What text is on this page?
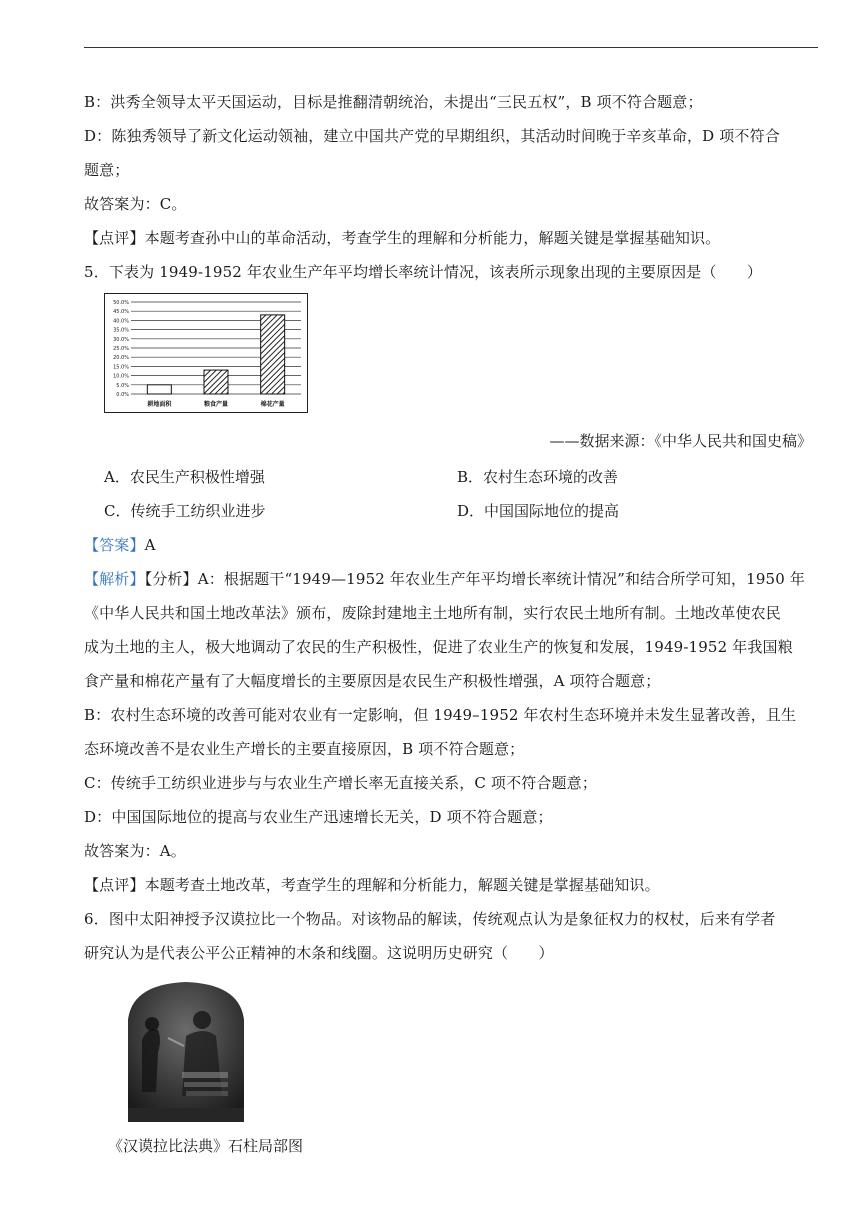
B：洪秀全领导太平天国运动，目标是推翻清朝统治，未提出“三民五权”，B 项不符合题意；
D：陈独秀领导了新文化运动领袖，建立中国共产党的早期组织，其活动时间晚于辛亥革命，D 项不符合
题意；
故答案为：C。
【点评】本题考查孙中山的革命活动，考查学生的理解和分析能力，解题关键是掌握基础知识。
5．下表为 1949-1952 年农业生产年平均增长率统计情况，该表所示现象出现的主要原因是（　　）
0.0%
5.0%
10.0%
15.0%
20.0%
25.0%
30.0%
35.0%
40.0%
45.0%
50.0%
耕地面积	粮食产量	棉花产量
——数据来源：《中华人民共和国史稿》
A．农民生产积极性增强	B．农村生态环境的改善
C．传统手工纺织业进步	D．中国国际地位的提高
【答案】A
【解析】【分析】A：根据题干“1949—1952 年农业生产年平均增长率统计情况”和结合所学可知，1950 年
《中华人民共和国土地改革法》颁布，废除封建地主土地所有制，实行农民土地所有制。土地改革使农民
成为土地的主人，极大地调动了农民的生产积极性，促进了农业生产的恢复和发展，1949-1952 年我国粮
食产量和棉花产量有了大幅度增长的主要原因是农民生产积极性增强，A 项符合题意；
B：农村生态环境的改善可能对农业有一定影响，但 1949–1952 年农村生态环境并未发生显著改善，且生
态环境改善不是农业生产增长的主要直接原因，B 项不符合题意；
C：传统手工纺织业进步与与农业生产增长率无直接关系，C 项不符合题意；
D：中国国际地位的提高与农业生产迅速增长无关，D 项不符合题意；
故答案为：A。
【点评】本题考查土地改革，考查学生的理解和分析能力，解题关键是掌握基础知识。
6．图中太阳神授予汉谟拉比一个物品。对该物品的解读，传统观点认为是象征权力的权杖，后来有学者
研究认为是代表公平公正精神的木条和线圈。这说明历史研究（　　）
《汉谟拉比法典》石柱局部图
